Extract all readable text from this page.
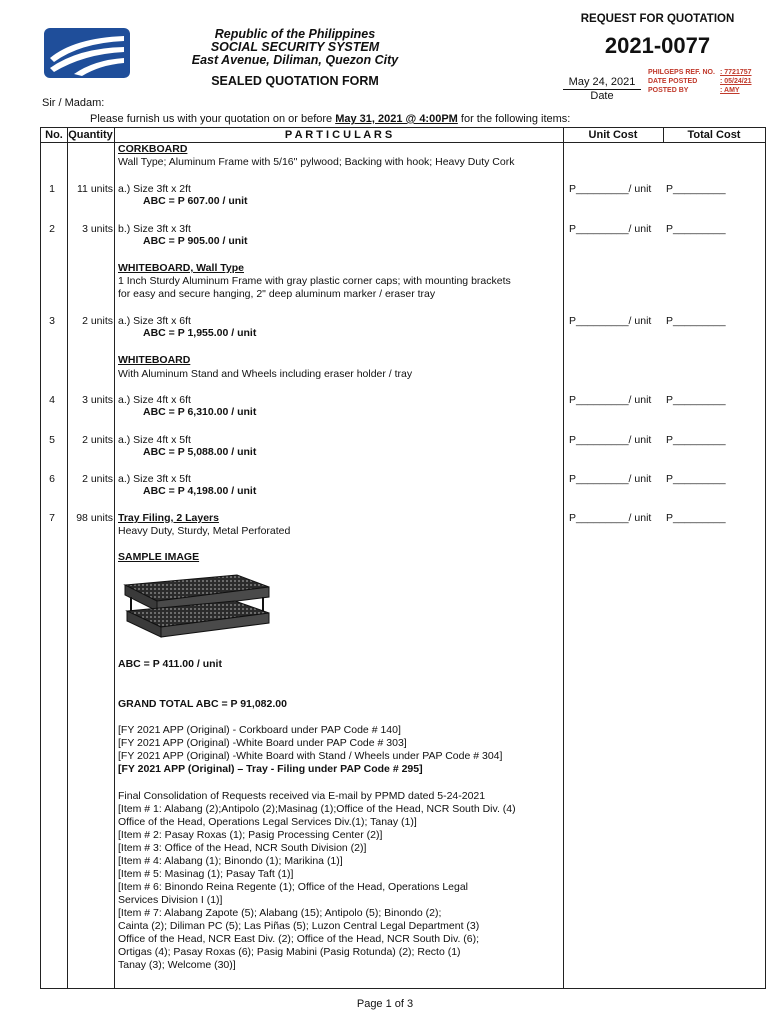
Republic of the Philippines
SOCIAL SECURITY SYSTEM
East Avenue, Diliman, Quezon City
SEALED QUOTATION FORM
REQUEST FOR QUOTATION
2021-0077
May 24, 2021
Date
PHILGEPS REF. NO. : 7721757
DATE POSTED	: 05/24/21
POSTED BY	: AMY
Sir / Madam:
Please furnish us with your quotation on or before May 31, 2021 @ 4:00PM for the following items:
No. Quantity	P A R T I C U L A R S	Unit Cost	Total Cost
CORKBOARD
Wall Type; Aluminum Frame with 5/16" pylwood; Backing with hook; Heavy Duty Cork
1	11 units a.) Size 3ft x 2ft
ABC = P 607.00 / unit
P_________/ unit P_________
2	3 units b.) Size 3ft x 3ft
ABC = P 905.00 / unit
P_________/ unit P_________
WHITEBOARD, Wall Type
1 Inch Sturdy Aluminum Frame with gray plastic corner caps; with mounting brackets
for easy and secure hanging, 2" deep aluminum marker / eraser tray
3	2 units a.) Size 3ft x 6ft
ABC = P 1,955.00 / unit
P_________/ unit P_________
WHITEBOARD
With Aluminum Stand and Wheels including eraser holder / tray
4	3 units a.) Size 4ft x 6ft
ABC = P 6,310.00 / unit
P_________/ unit P_________
5	2 units a.) Size 4ft x 5ft
ABC = P 5,088.00 / unit
P_________/ unit P_________
6	2 units a.) Size 3ft x 5ft
ABC = P 4,198.00 / unit
P_________/ unit P_________
7	98 units Tray Filing, 2 Layers
Heavy Duty, Sturdy, Metal Perforated
P_________/ unit P_________
SAMPLE IMAGE
ABC = P 411.00 / unit
GRAND TOTAL ABC = P 91,082.00
[FY 2021 APP (Original) - Corkboard under PAP Code # 140]
[FY 2021 APP (Original) -White Board under PAP Code # 303]
[FY 2021 APP (Original) -White Board with Stand / Wheels under PAP Code # 304]
[FY 2021 APP (Original) – Tray - Filing under PAP Code # 295]
Final Consolidation of Requests received via E-mail by PPMD dated 5-24-2021
[Item # 1: Alabang (2);Antipolo (2);Masinag (1);Office of the Head, NCR South Div. (4)
Office of the Head, Operations Legal Services Div.(1); Tanay (1)]
[Item # 2: Pasay Roxas (1); Pasig Processing Center (2)]
[Item # 3: Office of the Head, NCR South Division (2)]
[Item # 4: Alabang (1); Binondo (1); Marikina (1)]
[Item # 5: Masinag (1); Pasay Taft (1)]
[Item # 6: Binondo Reina Regente (1); Office of the Head, Operations Legal
Services Division I (1)]
[Item # 7: Alabang Zapote (5); Alabang (15); Antipolo (5); Binondo (2);
Cainta (2); Diliman PC (5); Las Piñas (5); Luzon Central Legal Department (3)
Office of the Head, NCR East Div. (2); Office of the Head, NCR South Div. (6);
Ortigas (4); Pasay Roxas (6); Pasig Mabini (Pasig Rotunda) (2); Recto (1)
Tanay (3); Welcome (30)]
Page 1 of 3
